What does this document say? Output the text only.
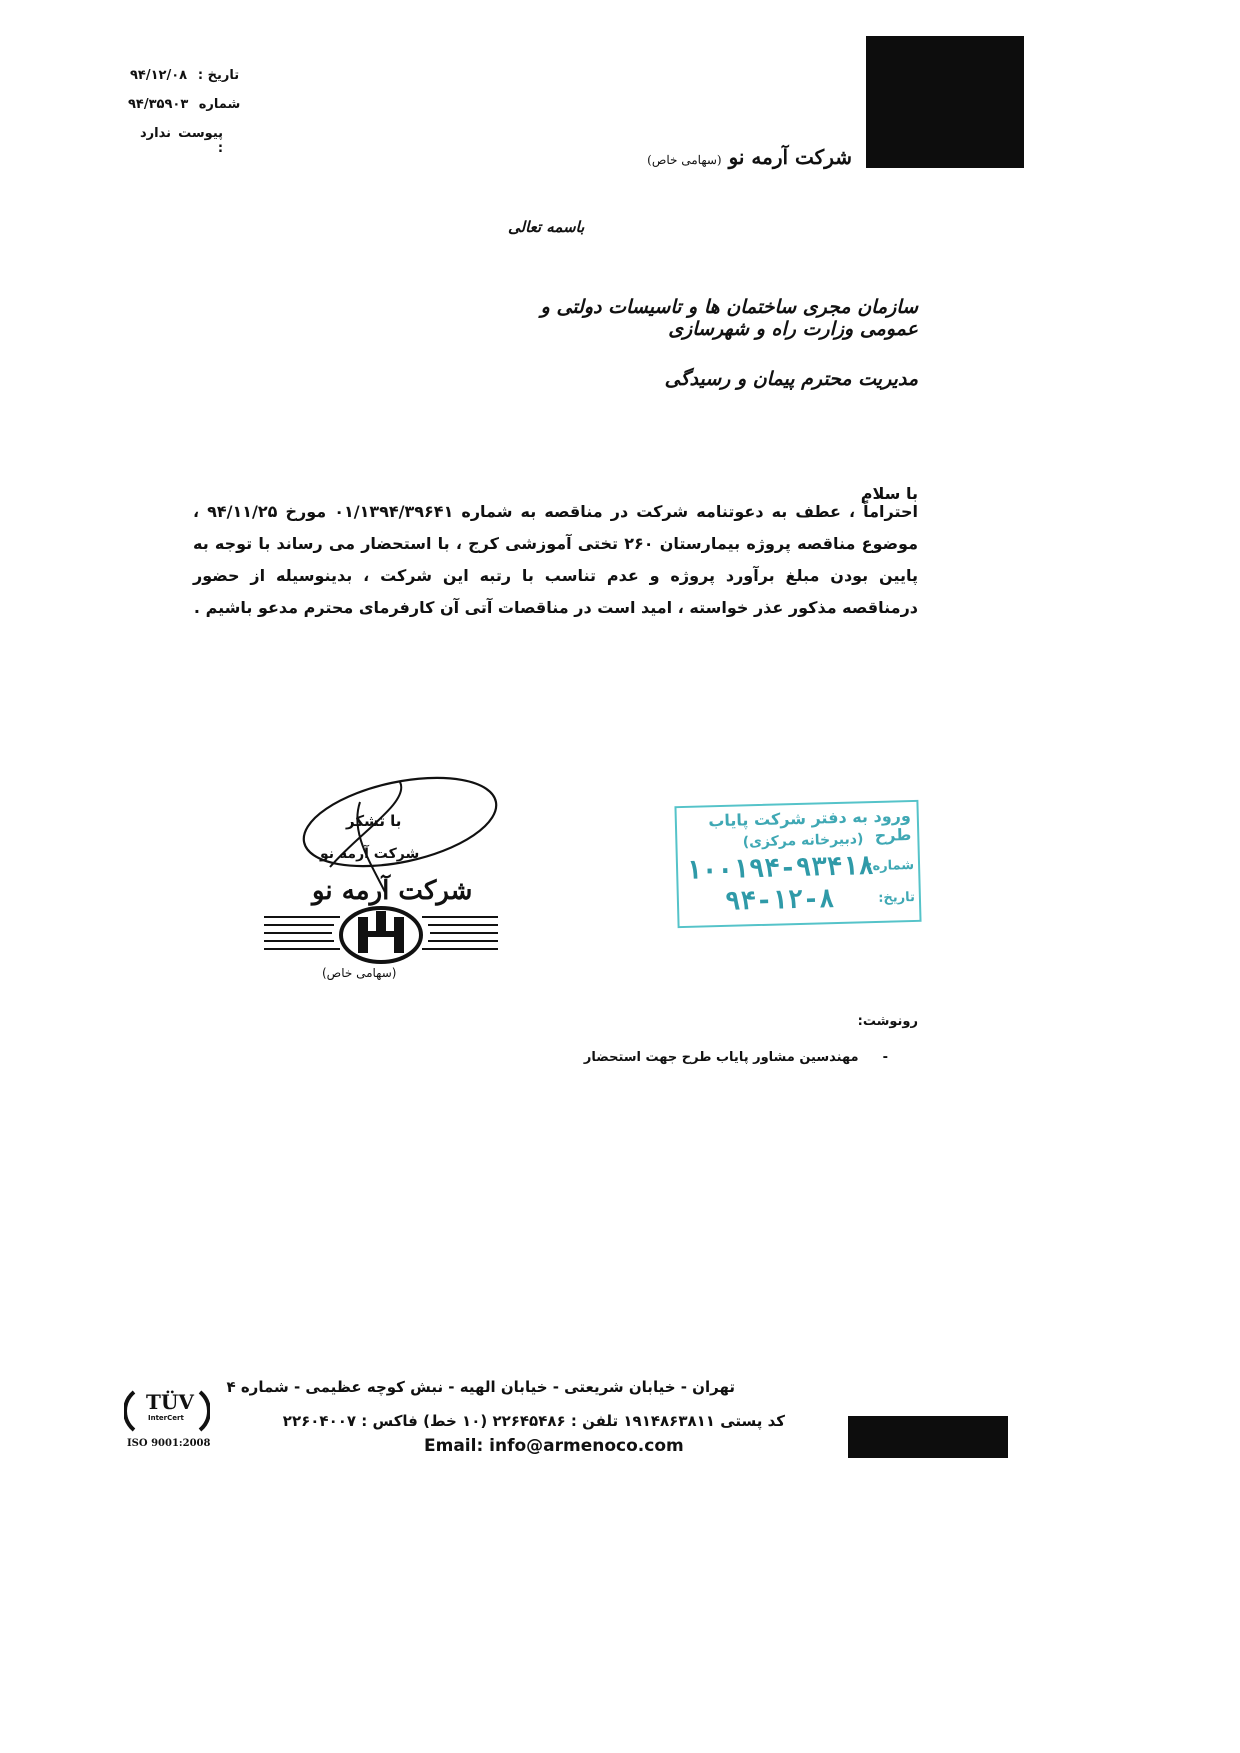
تاریخ :
۹۴/۱۲/۰۸
شماره
۹۴/۳۵۹۰۳
پیوست :
ندارد
شرکت آرمه نو (سهامی خاص)
باسمه تعالی
سازمان مجری ساختمان ها و تاسیسات دولتی و عمومی وزارت راه و شهرسازی
مدیریت محترم پیمان و رسیدگی
با سلام
احتراماً ، عطف به دعوتنامه شرکت در مناقصه به شماره ۰۱/۱۳۹۴/۳۹۶۴۱ مورخ ۹۴/۱۱/۲۵ ، موضوع مناقصه پروژه بیمارستان ۲۶۰ تختی آموزشی کرج ، با استحضار می رساند با توجه به پایین بودن مبلغ برآورد پروژه و عدم تناسب با رتبه این شرکت ، بدینوسیله از حضور درمناقصه مذکور عذر خواسته ، امید است در مناقصات آتی آن کارفرمای محترم مدعو باشیم .
با تشکر
شرکت آرمه نو
شرکت آرمه نو
(سهامی خاص)
ورود به دفتر شرکت پایاب طرح
(دبیرخانه مرکزی)
شماره:
۱۰۰۱۹۴-۹۳۴۱۸
تاریخ:
۹۴-۱۲-۸
رونوشت:
-
مهندسین مشاور پایاب طرح جهت استحضار
تهران - خیابان شریعتی - خیابان الهیه - نبش کوچه عظیمی - شماره ۴
کد پستی ۱۹۱۴۸۶۳۸۱۱ تلفن : ۲۲۶۴۵۴۸۶ (۱۰ خط) فاکس : ۲۲۶۰۴۰۰۷
Email: info@armenoco.com
TÜV
InterCert
ISO 9001:2008
